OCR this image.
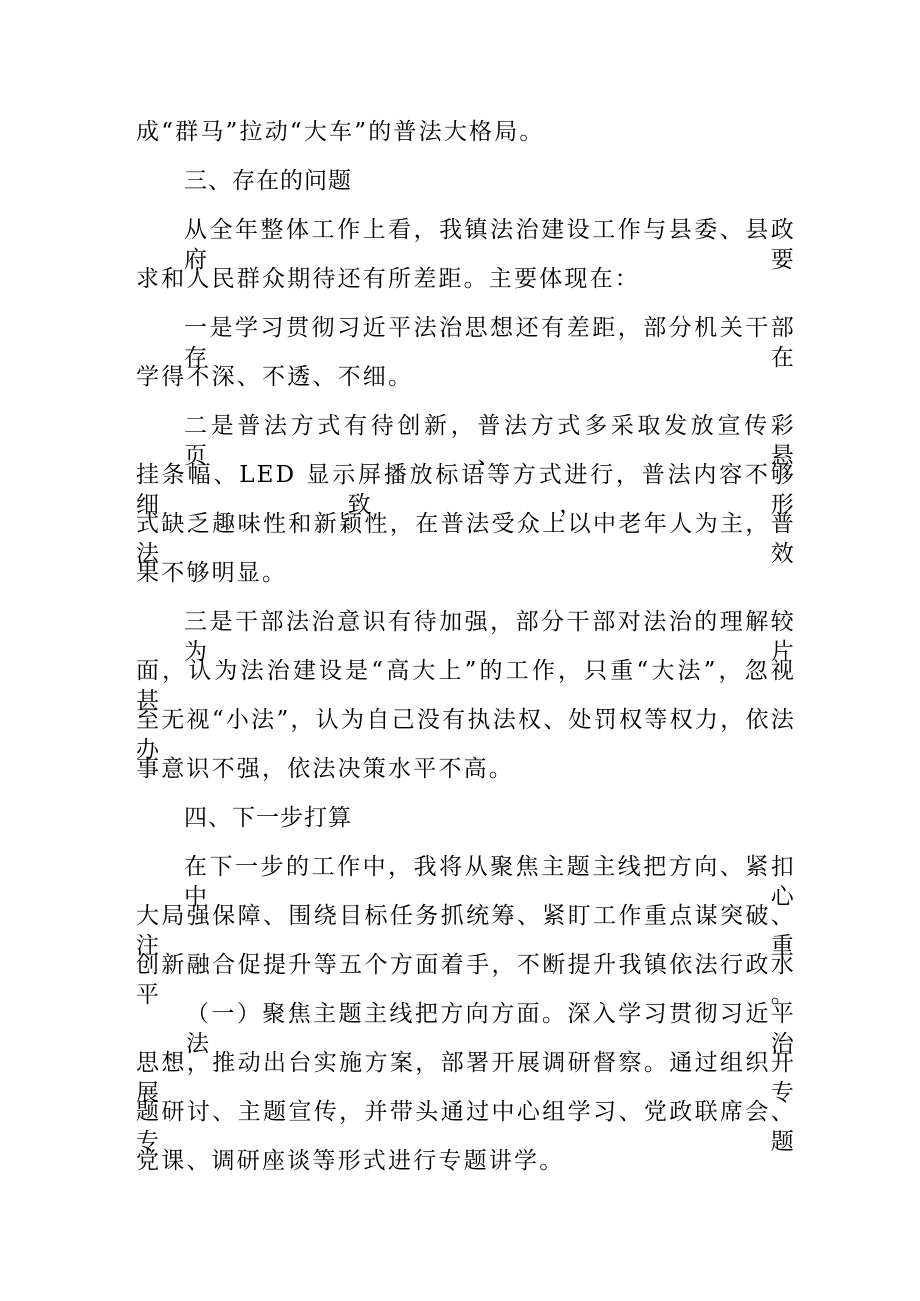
成“群马”拉动“大车”的普法大格局。
三、存在的问题
从全年整体工作上看，我镇法治建设工作与县委、县政府要
求和人民群众期待还有所差距。主要体现在：
一是学习贯彻习近平法治思想还有差距，部分机关干部存在
学得不深、不透、不细。
二是普法方式有待创新，普法方式多采取发放宣传彩页、悬
挂条幅、LED 显示屏播放标语等方式进行，普法内容不够细致，形
式缺乏趣味性和新颖性，在普法受众上以中老年人为主，普法效
果不够明显。
三是干部法治意识有待加强，部分干部对法治的理解较为片
面，认为法治建设是“高大上”的工作，只重“大法”，忽视甚
至无视“小法”，认为自己没有执法权、处罚权等权力，依法办
事意识不强，依法决策水平不高。
四、下一步打算
在下一步的工作中，我将从聚焦主题主线把方向、紧扣中心
大局强保障、围绕目标任务抓统筹、紧盯工作重点谋突破、注重
创新融合促提升等五个方面着手，不断提升我镇依法行政水平。
（一）聚焦主题主线把方向方面。深入学习贯彻习近平法治
思想，推动出台实施方案，部署开展调研督察。通过组织开展专
题研讨、主题宣传，并带头通过中心组学习、党政联席会、专题
党课、调研座谈等形式进行专题讲学。
